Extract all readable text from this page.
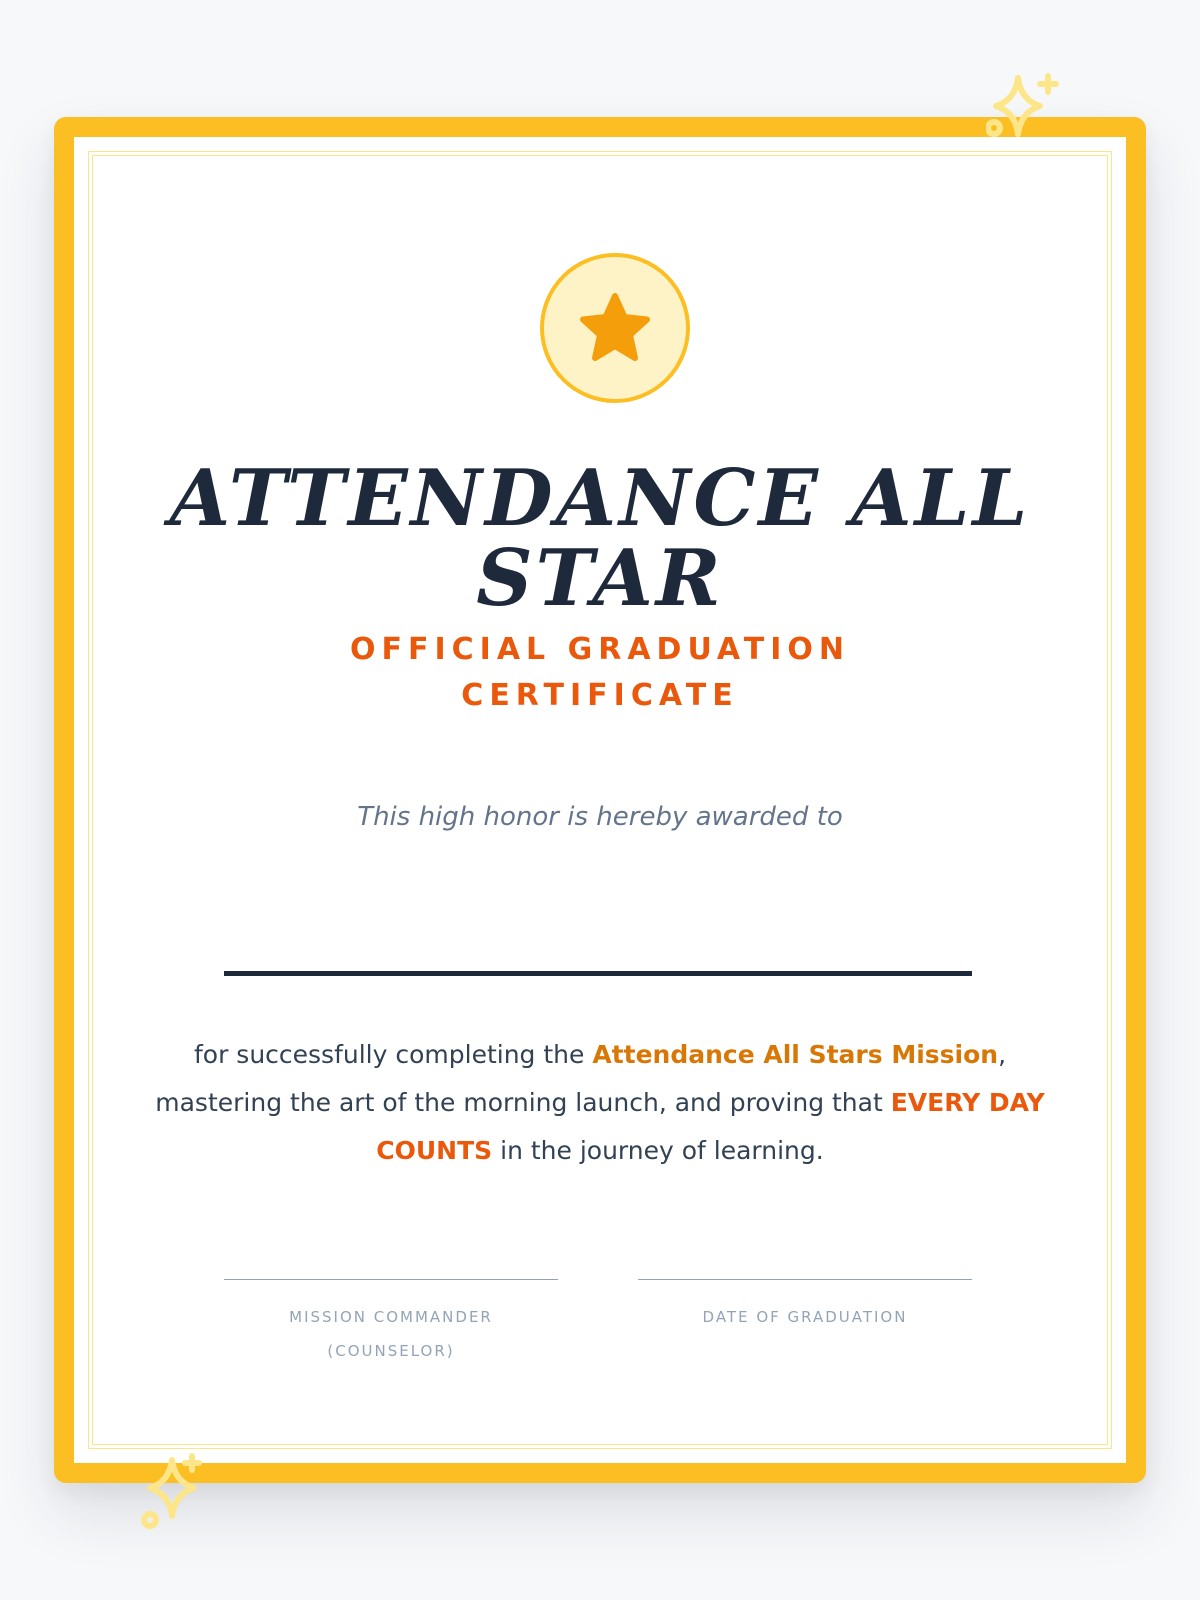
ATTENDANCE ALL STAR
OFFICIAL GRADUATION CERTIFICATE
This high honor is hereby awarded to

for successfully completing the Attendance All Stars Mission, mastering the art of the morning launch, and proving that EVERY DAY COUNTS in the journey of learning.

MISSION COMMANDER (COUNSELOR)
DATE OF GRADUATION
